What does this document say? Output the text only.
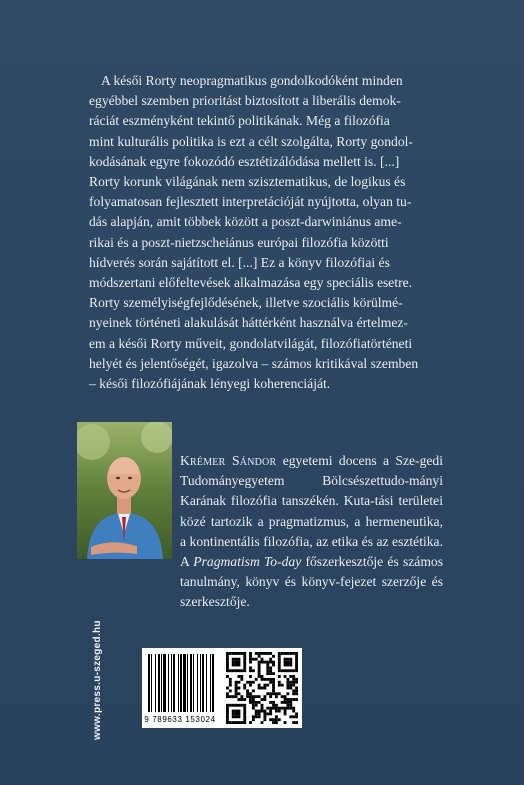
A késői Rorty neopragmatikus gondolkodóként minden
egyébbel szemben prioritást biztosított a liberális demok-
ráciát eszményként tekintő politikának. Még a filozófia
mint kulturális politika is ezt a célt szolgálta, Rorty gondol-
kodásának egyre fokozódó esztétizálódása mellett is. [...]
Rorty korunk világának nem szisztematikus, de logikus és
folyamatosan fejlesztett interpretációját nyújtotta, olyan tu-
dás alapján, amit többek között a poszt-darwiniánus ame-
rikai és a poszt-nietzscheiánus európai filozófia közötti
hídverés során sajátított el. [...] Ez a könyv filozófiai és
módszertani előfeltevések alkalmazása egy speciális esetre.
Rorty személyiségfejlődésének, illetve szociális körülmé-
nyeinek történeti alakulását háttérként használva értelmez-
em a késői Rorty műveit, gondolatvilágát, filozófiatörténeti
helyét és jelentőségét, igazolva – számos kritikával szemben
– késői filozófiájának lényegi koherenciáját.
Krémer Sándor egyetemi docens a Sze-gedi Tudományegyetem Bölcsészettudo-mányi Karának filozófia tanszékén. Kuta-tási területei közé tartozik a pragmatizmus, a hermeneutika, a kontinentális filozófia, az etika és az esztétika. A Pragmatism To-day főszerkesztője és számos tanulmány, könyv és könyv-fejezet szerzője és szerkesztője.
www.press.u-szeged.hu	9 789633 153024
